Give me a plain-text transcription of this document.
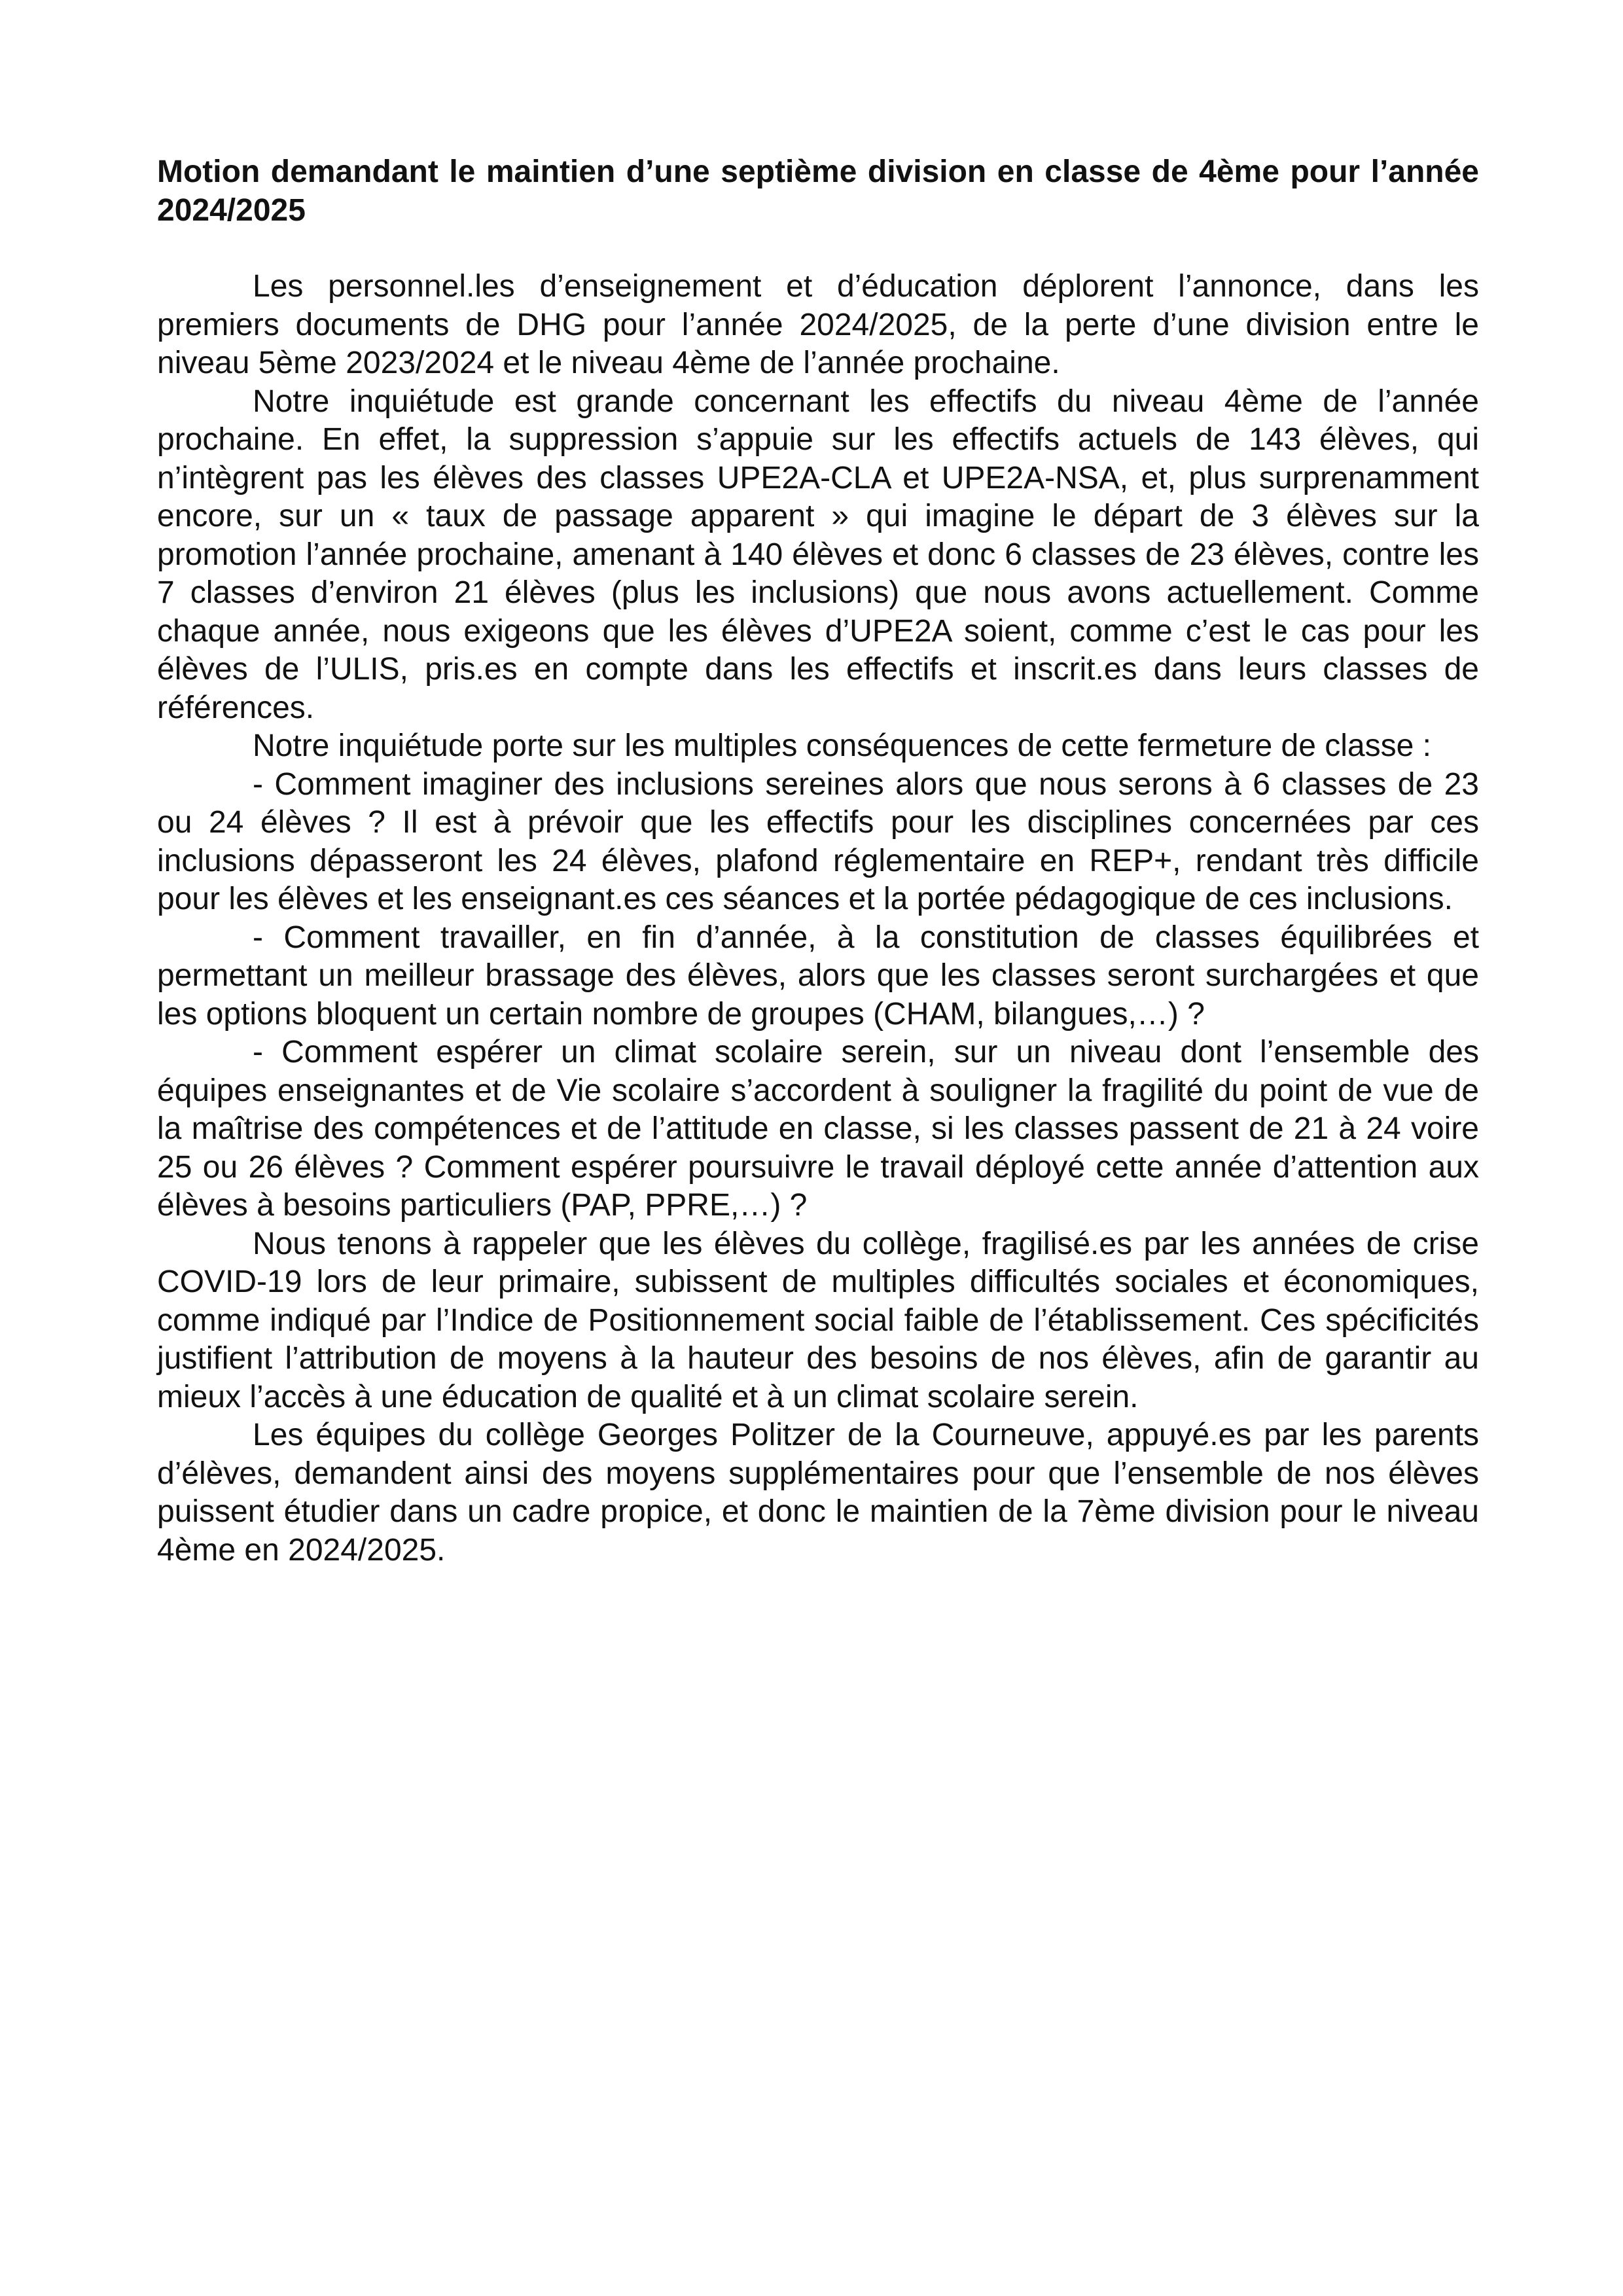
Motion demandant le maintien d’une septième division en classe de 4ème pour l’année 2024/2025

Les personnel.les d’enseignement et d’éducation déplorent l’annonce, dans les premiers documents de DHG pour l’année 2024/2025, de la perte d’une division entre le niveau 5ème 2023/2024 et le niveau 4ème de l’année prochaine.

Notre inquiétude est grande concernant les effectifs du niveau 4ème de l’année prochaine. En effet, la suppression s’appuie sur les effectifs actuels de 143 élèves, qui n’intègrent pas les élèves des classes UPE2A-CLA et UPE2A-NSA, et, plus surprenamment encore, sur un « taux de passage apparent » qui imagine le départ de 3 élèves sur la promotion l’année prochaine, amenant à 140 élèves et donc 6 classes de 23 élèves, contre les 7 classes d’environ 21 élèves (plus les inclusions) que nous avons actuellement. Comme chaque année, nous exigeons que les élèves d’UPE2A soient, comme c’est le cas pour les élèves de l’ULIS, pris.es en compte dans les effectifs et inscrit.es dans leurs classes de références.

Notre inquiétude porte sur les multiples conséquences de cette fermeture de classe :

- Comment imaginer des inclusions sereines alors que nous serons à 6 classes de 23 ou 24 élèves ? Il est à prévoir que les effectifs pour les disciplines concernées par ces inclusions dépasseront les 24 élèves, plafond réglementaire en REP+, rendant très difficile pour les élèves et les enseignant.es ces séances et la portée pédagogique de ces inclusions.

- Comment travailler, en fin d’année, à la constitution de classes équilibrées et permettant un meilleur brassage des élèves, alors que les classes seront surchargées et que les options bloquent un certain nombre de groupes (CHAM, bilangues,…) ?

- Comment espérer un climat scolaire serein, sur un niveau dont l’ensemble des équipes enseignantes et de Vie scolaire s’accordent à souligner la fragilité du point de vue de la maîtrise des compétences et de l’attitude en classe, si les classes passent de 21 à 24 voire 25 ou 26 élèves ? Comment espérer poursuivre le travail déployé cette année d’attention aux élèves à besoins particuliers (PAP, PPRE,…) ?

Nous tenons à rappeler que les élèves du collège, fragilisé.es par les années de crise COVID-19 lors de leur primaire, subissent de multiples difficultés sociales et économiques, comme indiqué par l’Indice de Positionnement social faible de l’établissement. Ces spécificités justifient l’attribution de moyens à la hauteur des besoins de nos élèves, afin de garantir au mieux l’accès à une éducation de qualité et à un climat scolaire serein.

Les équipes du collège Georges Politzer de la Courneuve, appuyé.es par les parents d’élèves, demandent ainsi des moyens supplémentaires pour que l’ensemble de nos élèves puissent étudier dans un cadre propice, et donc le maintien de la 7ème division pour le niveau 4ème en 2024/2025.
